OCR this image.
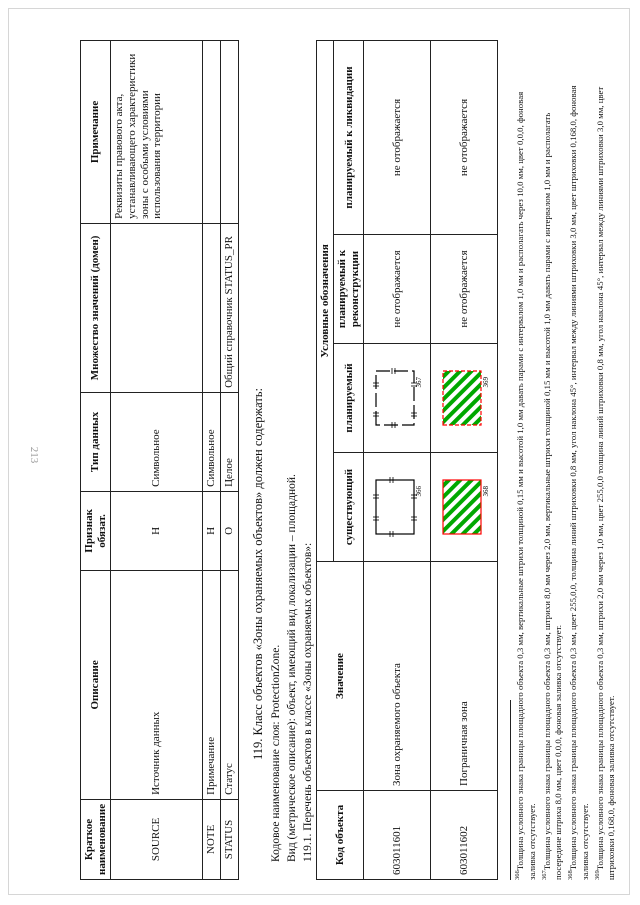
213
Краткое наименование	Описание	Признак обязат.	Тип данных	Множество значений (домен)	Примечание
SOURCE	Источник данных	Н	Символьное		Реквизиты правового акта, устанавливающего характеристики зоны с особыми условиями использования территории
NOTE	Примечание	Н	Символьное		
STATUS	Статус	О	Целое	Общий справочник STATUS_PR	
119. Класс объектов «Зоны охраняемых объектов» должен содержать: Кодовое наименование слоя: ProtectionZone. Вид (метрическое описание): объект, имеющий вид локализации – площадной. 119.1. Перечень объектов в классе «Зоны охраняемых объектов»: Код объекта	Значение	Условные обозначения			
		существующий	планируемый	планируемый к реконструкции	планируемый к ликвидации
603011601	Зона охраняемого объекта	366	367	не отображается	не отображается
603011602	Пограничная зона	368	369	не отображается	не отображается

$^{366}$Толщина условного знака границы площадного объекта 0,3 мм, вертикальные штрихи толщиной 0,15 мм и высотой 1,0 мм давать парами с интервалом 1,0 мм и располагать через 10,0 мм, цвет 0,0,0, фоновая заливка отсутствует. $^{367}$Толщина условного знака границы площадного объекта 0,3 мм, штрихи 8,0 мм через 2,0 мм, вертикальные штрихи толщиной 0,15 мм и высотой 1,0 мм давать парами с интервалом 1,0 мм и располагать посередине штриха 8,0 мм, цвет 0,0,0, фоновая заливка отсутствует. $^{368}$Толщина условного знака границы площадного объекта 0,3 мм, цвет 255,0,0, толщина линий штриховки 0,8 мм, угол наклона 45°, интервал между линиями штриховки 3,0 мм, цвет штриховки 0,168,0, фоновая заливка отсутствует. $^{369}$Толщина условного знака границы площадного объекта 0,3 мм, штрихи 2,0 мм через 1,0 мм, цвет 255,0,0 толщина линий штриховки 0,8 мм, угол наклона 45°, интервал между линиями штриховки 3,0 мм, цвет штриховки 0,168,0, фоновая заливка отсутствует.
